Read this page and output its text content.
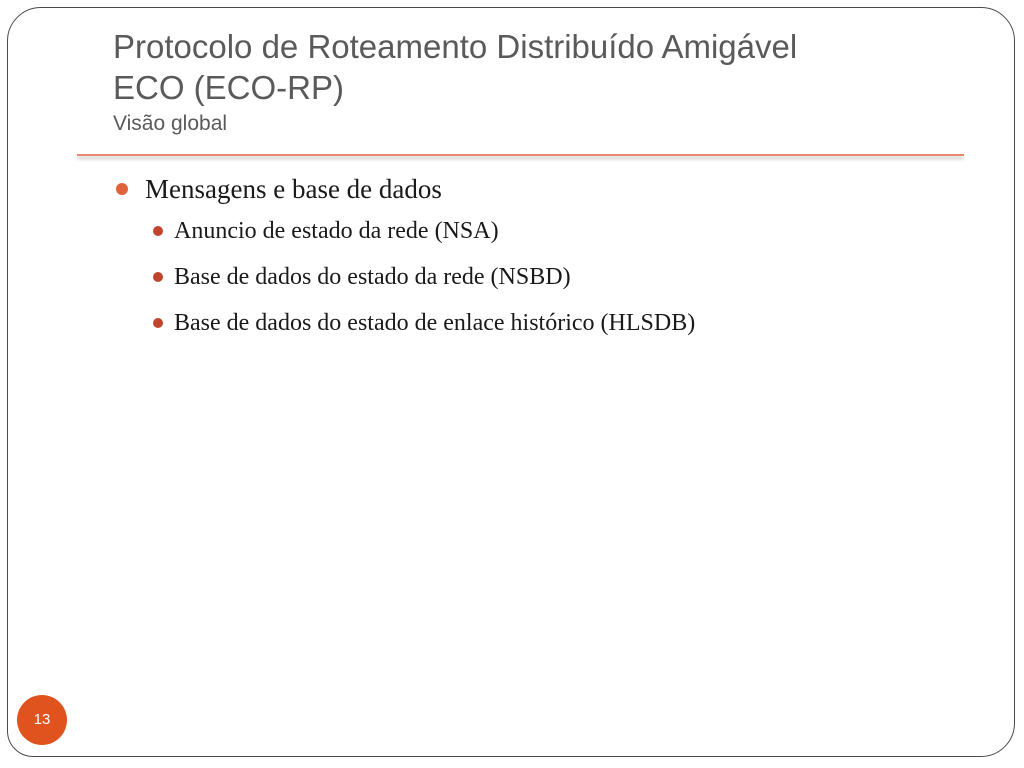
Protocolo de Roteamento Distribuído Amigável
ECO (ECO-RP)
Visão global
Mensagens e base de dados
Anuncio de estado da rede (NSA)
Base de dados do estado da rede (NSBD)
Base de dados do estado de enlace histórico (HLSDB)
13
